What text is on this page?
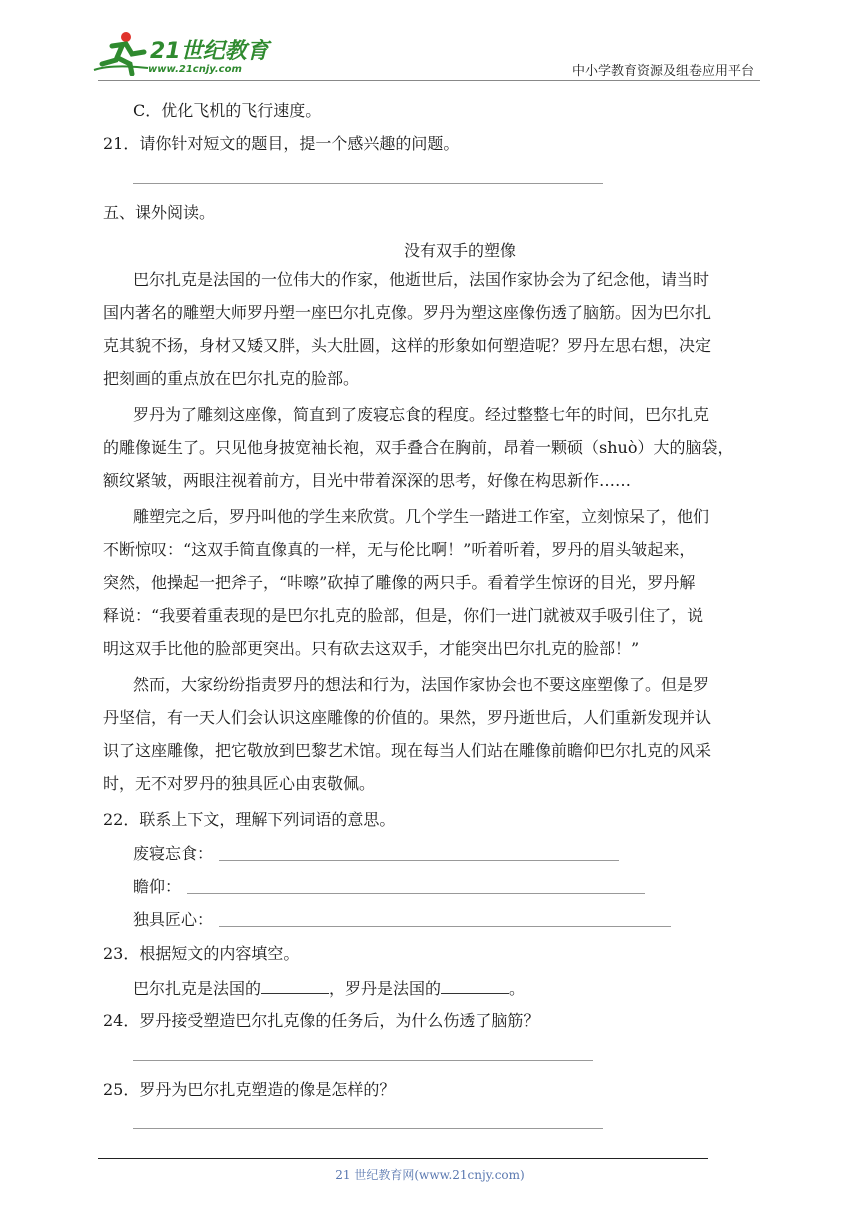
21世纪教育
www.21cnjy.com	中小学教育资源及组卷应用平台
C．优化飞机的飞行速度。
21．请你针对短文的题目，提一个感兴趣的问题。
五、课外阅读。
没有双手的塑像
巴尔扎克是法国的一位伟大的作家，他逝世后，法国作家协会为了纪念他，请当时
国内著名的雕塑大师罗丹塑一座巴尔扎克像。罗丹为塑这座像伤透了脑筋。因为巴尔扎
克其貌不扬，身材又矮又胖，头大肚圆，这样的形象如何塑造呢？罗丹左思右想，决定
把刻画的重点放在巴尔扎克的脸部。
罗丹为了雕刻这座像，简直到了废寝忘食的程度。经过整整七年的时间，巴尔扎克
的雕像诞生了。只见他身披宽袖长袍，双手叠合在胸前，昂着一颗硕（shuò）大的脑袋，
额纹紧皱，两眼注视着前方，目光中带着深深的思考，好像在构思新作……
雕塑完之后，罗丹叫他的学生来欣赏。几个学生一踏进工作室，立刻惊呆了，他们
不断惊叹：“这双手简直像真的一样，无与伦比啊！”听着听着，罗丹的眉头皱起来，
突然，他操起一把斧子，“咔嚓”砍掉了雕像的两只手。看着学生惊讶的目光，罗丹解
释说：“我要着重表现的是巴尔扎克的脸部，但是，你们一进门就被双手吸引住了，说
明这双手比他的脸部更突出。只有砍去这双手，才能突出巴尔扎克的脸部！”
然而，大家纷纷指责罗丹的想法和行为，法国作家协会也不要这座塑像了。但是罗
丹坚信，有一天人们会认识这座雕像的价值的。果然，罗丹逝世后，人们重新发现并认
识了这座雕像，把它敬放到巴黎艺术馆。现在每当人们站在雕像前瞻仰巴尔扎克的风采
时，无不对罗丹的独具匠心由衷敬佩。
22．联系上下文，理解下列词语的意思。
废寝忘食：
瞻仰：
独具匠心：
23．根据短文的内容填空。
巴尔扎克是法国的	，罗丹是法国的	。
24．罗丹接受塑造巴尔扎克像的任务后，为什么伤透了脑筋？
25．罗丹为巴尔扎克塑造的像是怎样的？
21 世纪教育网(www.21cnjy.com)
